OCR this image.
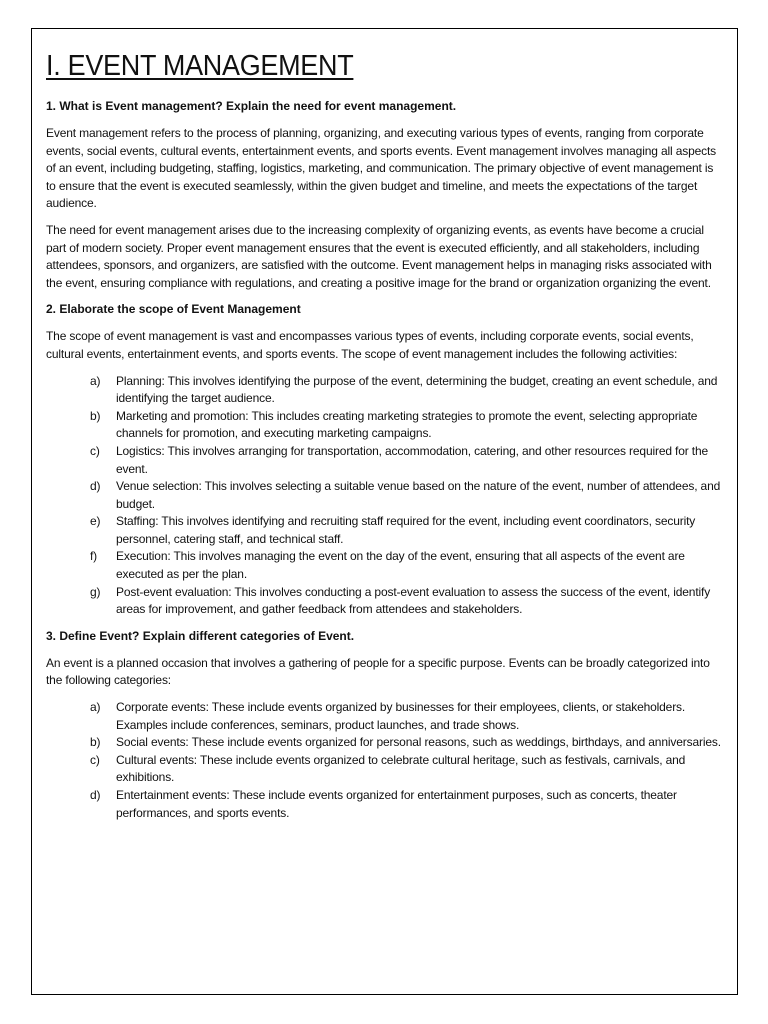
I. EVENT MANAGEMENT
1. What is Event management? Explain the need for event management.

Event management refers to the process of planning, organizing, and executing various types of events, ranging from corporate events, social events, cultural events, entertainment events, and sports events. Event management involves managing all aspects of an event, including budgeting, staffing, logistics, marketing, and communication. The primary objective of event management is to ensure that the event is executed seamlessly, within the given budget and timeline, and meets the expectations of the target audience.

The need for event management arises due to the increasing complexity of organizing events, as events have become a crucial part of modern society. Proper event management ensures that the event is executed efficiently, and all stakeholders, including attendees, sponsors, and organizers, are satisfied with the outcome. Event management helps in managing risks associated with the event, ensuring compliance with regulations, and creating a positive image for the brand or organization organizing the event.

2. Elaborate the scope of Event Management

The scope of event management is vast and encompasses various types of events, including corporate events, social events, cultural events, entertainment events, and sports events. The scope of event management includes the following activities:

a) Planning: This involves identifying the purpose of the event, determining the budget, creating an event schedule, and identifying the target audience.
b) Marketing and promotion: This includes creating marketing strategies to promote the event, selecting appropriate channels for promotion, and executing marketing campaigns.
c) Logistics: This involves arranging for transportation, accommodation, catering, and other resources required for the event.
d) Venue selection: This involves selecting a suitable venue based on the nature of the event, number of attendees, and budget.
e) Staffing: This involves identifying and recruiting staff required for the event, including event coordinators, security personnel, catering staff, and technical staff.
f) Execution: This involves managing the event on the day of the event, ensuring that all aspects of the event are executed as per the plan.
g) Post-event evaluation: This involves conducting a post-event evaluation to assess the success of the event, identify areas for improvement, and gather feedback from attendees and stakeholders.
3. Define Event? Explain different categories of Event.

An event is a planned occasion that involves a gathering of people for a specific purpose. Events can be broadly categorized into the following categories:

a) Corporate events: These include events organized by businesses for their employees, clients, or stakeholders. Examples include conferences, seminars, product launches, and trade shows.
b) Social events: These include events organized for personal reasons, such as weddings, birthdays, and anniversaries.
c) Cultural events: These include events organized to celebrate cultural heritage, such as festivals, carnivals, and exhibitions.
d) Entertainment events: These include events organized for entertainment purposes, such as concerts, theater performances, and sports events.
